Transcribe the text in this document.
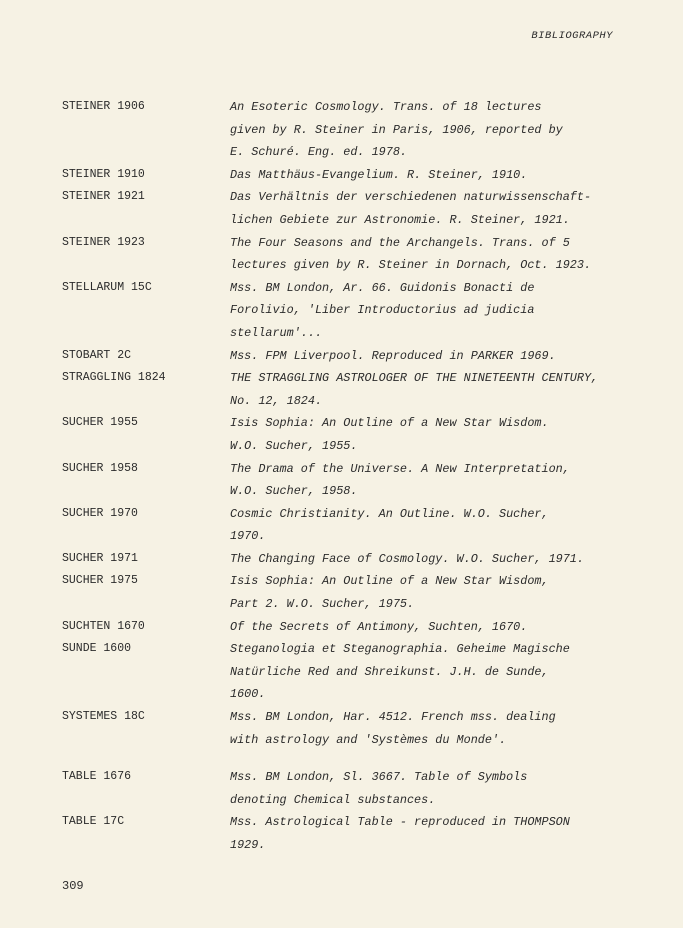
BIBLIOGRAPHY
STEINER 1906	An Esoteric Cosmology. Trans. of 18 lectures
given by R. Steiner in Paris, 1906, reported by
E. Schuré. Eng. ed. 1978.
STEINER 1910	Das Matthäus-Evangelium. R. Steiner, 1910.
STEINER 1921	Das Verhältnis der verschiedenen naturwissenschaft-
lichen Gebiete zur Astronomie. R. Steiner, 1921.
STEINER 1923	The Four Seasons and the Archangels. Trans. of 5
lectures given by R. Steiner in Dornach, Oct. 1923.
STELLARUM 15C	Mss. BM London, Ar. 66. Guidonis Bonacti de
Forolivio, 'Liber Introductorius ad judicia
stellarum'...
STOBART 2C	Mss. FPM Liverpool. Reproduced in PARKER 1969.
STRAGGLING 1824	THE STRAGGLING ASTROLOGER OF THE NINETEENTH CENTURY,
No. 12, 1824.
SUCHER 1955	Isis Sophia: An Outline of a New Star Wisdom.
W.O. Sucher, 1955.
SUCHER 1958	The Drama of the Universe. A New Interpretation,
W.O. Sucher, 1958.
SUCHER 1970	Cosmic Christianity. An Outline. W.O. Sucher,
1970.
SUCHER 1971	The Changing Face of Cosmology. W.O. Sucher, 1971.
SUCHER 1975	Isis Sophia: An Outline of a New Star Wisdom,
Part 2. W.O. Sucher, 1975.
SUCHTEN 1670	Of the Secrets of Antimony, Suchten, 1670.
SUNDE 1600	Steganologia et Steganographia. Geheime Magische
Natürliche Red and Shreikunst. J.H. de Sunde,
1600.
SYSTEMES 18C	Mss. BM London, Har. 4512. French mss. dealing
with astrology and 'Systèmes du Monde'.
TABLE 1676	Mss. BM London, Sl. 3667. Table of Symbols
denoting Chemical substances.
TABLE 17C	Mss. Astrological Table - reproduced in THOMPSON
1929.
309
